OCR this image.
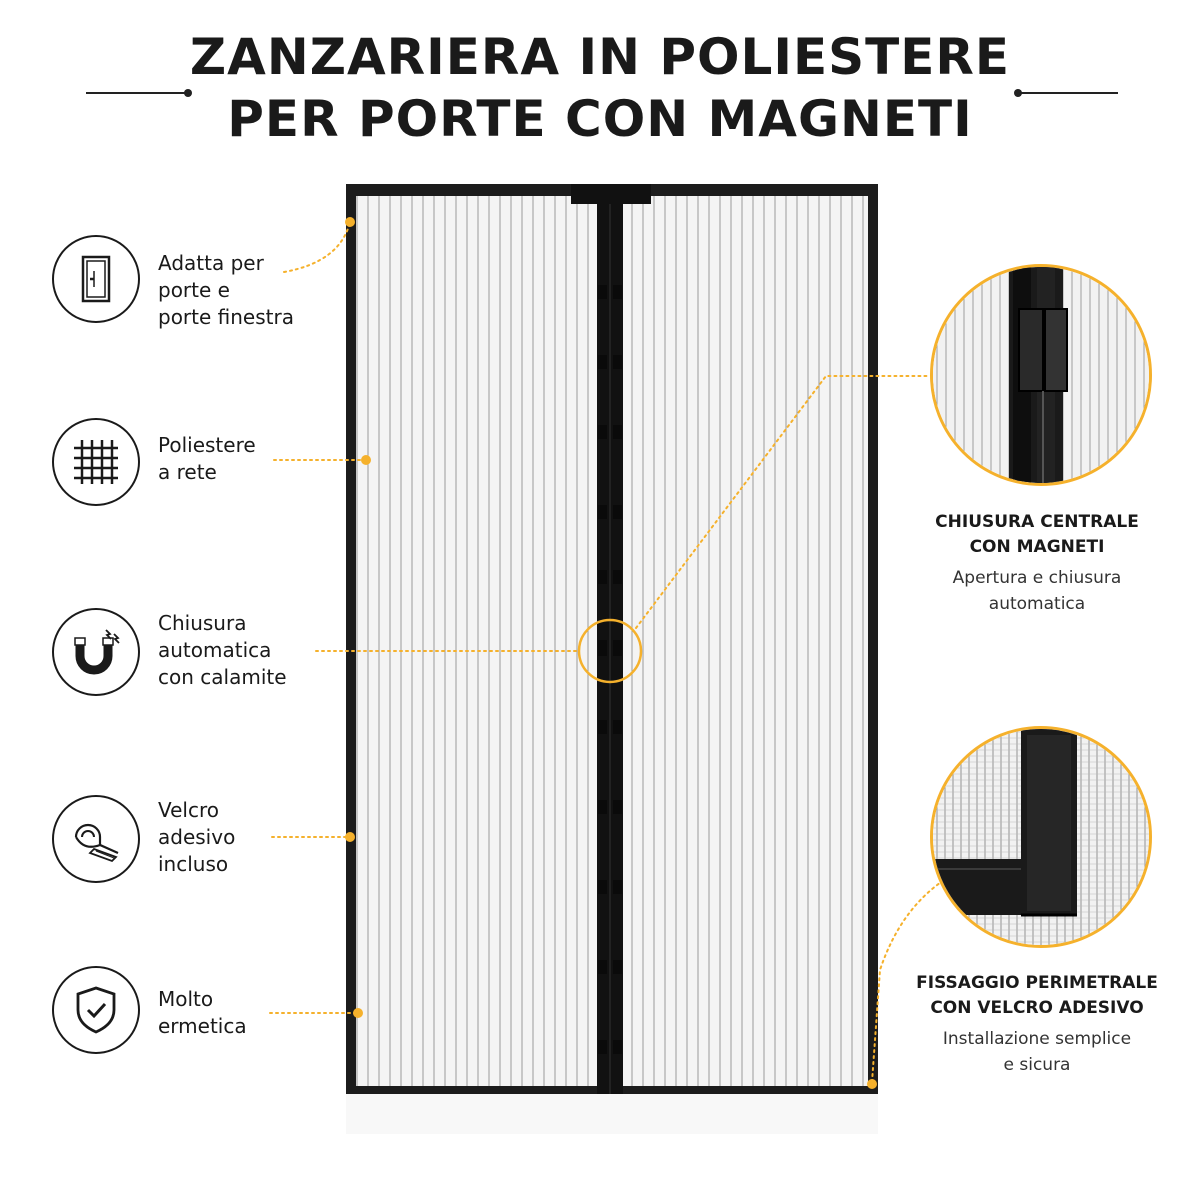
ZANZARIERA IN POLIESTERE
PER PORTE CON MAGNETI
Adatta per
porte e
porte finestra
Poliestere
a rete
Chiusura
automatica
con calamite
Velcro
adesivo
incluso
Molto
ermetica
CHIUSURA CENTRALE
CON MAGNETI
Apertura e chiusura
automatica
FISSAGGIO PERIMETRALE
CON VELCRO ADESIVO
Installazione semplice
e sicura
